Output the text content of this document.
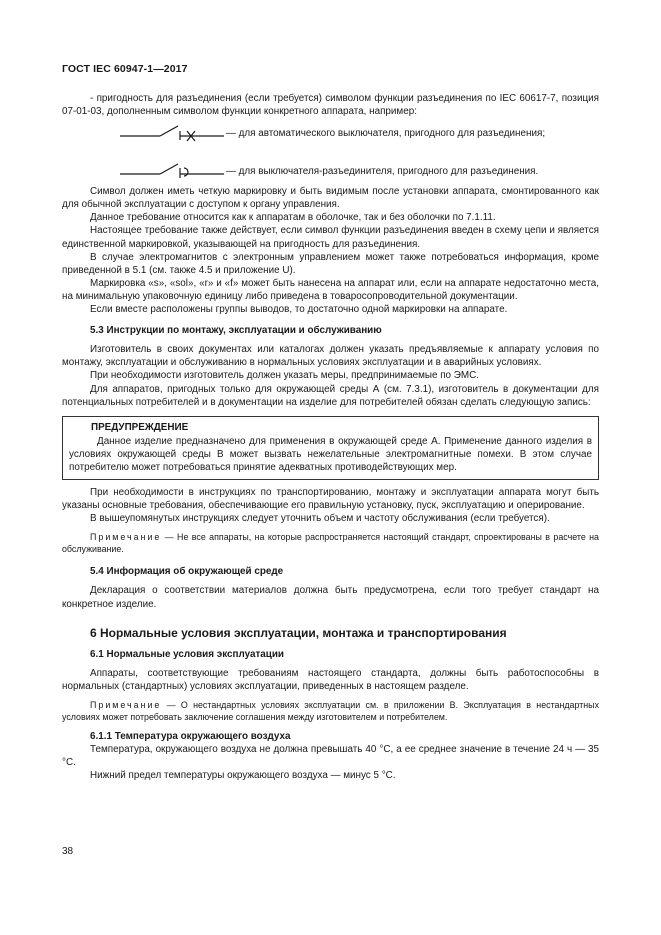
ГОСТ IEC 60947-1—2017

- пригодность для разъединения (если требуется) символом функции разъединения по IEC 60617-7, позиция 07-01-03, дополненным символом функции конкретного аппарата, например:

— для автоматического выключателя, пригодного для разъединения;
— для выключателя-разъединителя, пригодного для разъединения.

Символ должен иметь четкую маркировку и быть видимым после установки аппарата, смонтированного как для обычной эксплуатации с доступом к органу управления.

Данное требование относится как к аппаратам в оболочке, так и без оболочки по 7.1.11.

Настоящее требование также действует, если символ функции разъединения введен в схему цепи и является единственной маркировкой, указывающей на пригодность для разъединения.

В случае электромагнитов с электронным управлением может также потребоваться информация, кроме приведенной в 5.1 (см. также 4.5 и приложение U).

Маркировка «s», «sol», «r» и «f» может быть нанесена на аппарат или, если на аппарате недостаточно места, на минимальную упаковочную единицу либо приведена в товаросопроводительной документации.

Если вместе расположены группы выводов, то достаточно одной маркировки на аппарате.

5.3 Инструкции по монтажу, эксплуатации и обслуживанию

Изготовитель в своих документах или каталогах должен указать предъявляемые к аппарату условия по монтажу, эксплуатации и обслуживанию в нормальных условиях эксплуатации и в аварийных условиях.

При необходимости изготовитель должен указать меры, предпринимаемые по ЭМС.

Для аппаратов, пригодных только для окружающей среды А (см. 7.3.1), изготовитель в документации для потенциальных потребителей и в документации на изделие для потребителей обязан сделать следующую запись:

ПРЕДУПРЕЖДЕНИЕ

Данное изделие предназначено для применения в окружающей среде А. Применение данного изделия в условиях окружающей среды В может вызвать нежелательные электромагнитные помехи. В этом случае потребителю может потребоваться принятие адекватных противодействующих мер.

При необходимости в инструкциях по транспортированию, монтажу и эксплуатации аппарата могут быть указаны основные требования, обеспечивающие его правильную установку, пуск, эксплуатацию и оперирование.

В вышеупомянутых инструкциях следует уточнить объем и частоту обслуживания (если требуется).

Примечание — Не все аппараты, на которые распространяется настоящий стандарт, спроектированы в расчете на обслуживание.

5.4 Информация об окружающей среде

Декларация о соответствии материалов должна быть предусмотрена, если того требует стандарт на конкретное изделие.

6 Нормальные условия эксплуатации, монтажа и транспортирования

6.1 Нормальные условия эксплуатации

Аппараты, соответствующие требованиям настоящего стандарта, должны быть работоспособны в нормальных (стандартных) условиях эксплуатации, приведенных в настоящем разделе.

Примечание — О нестандартных условиях эксплуатации см. в приложении В. Эксплуатация в нестандартных условиях может потребовать заключение соглашения между изготовителем и потребителем.

6.1.1 Температура окружающего воздуха

Температура, окружающего воздуха не должна превышать 40 °С, а ее среднее значение в течение 24 ч — 35 °С.

Нижний предел температуры окружающего воздуха — минус 5 °С.

38
